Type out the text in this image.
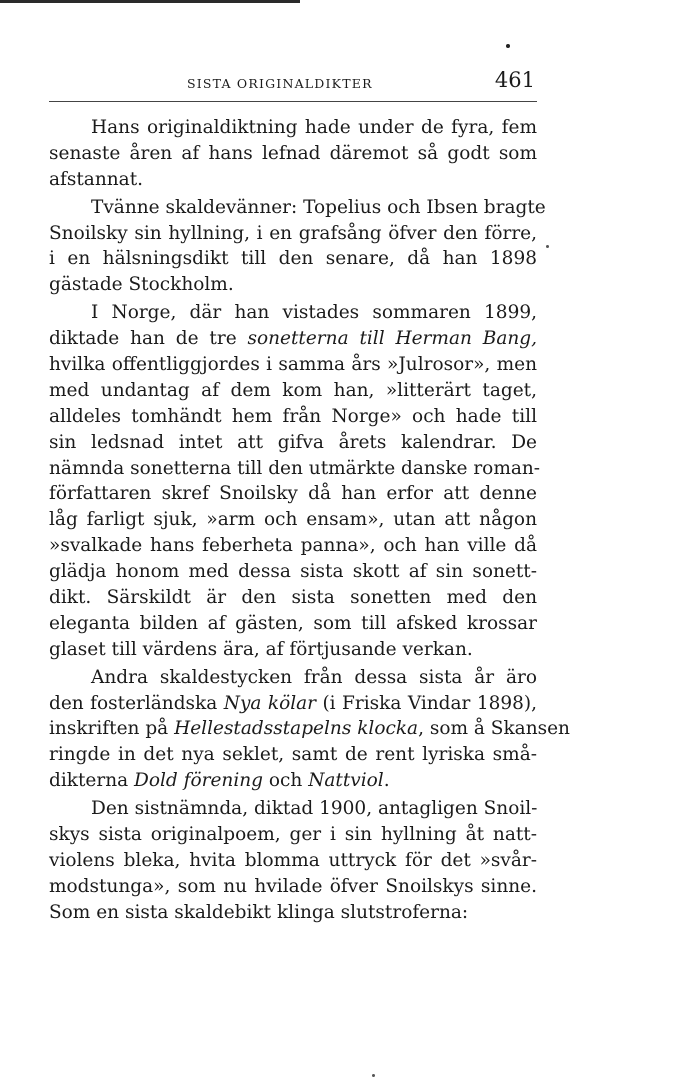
SISTA ORIGINALDIKTER	461
Hans originaldiktning hade under de fyra, fem
senaste åren af hans lefnad däremot så godt som
afstannat.
Tvänne skaldevänner: Topelius och Ibsen bragte
Snoilsky sin hyllning, i en grafsång öfver den förre,
i en hälsningsdikt till den senare, då han 1898
gästade Stockholm.
I Norge, där han vistades sommaren 1899,
diktade han de tre sonetterna till Herman Bang,
hvilka offentliggjordes i samma års »Julrosor», men
med undantag af dem kom han, »litterärt taget,
alldeles tomhändt hem från Norge» och hade till
sin ledsnad intet att gifva årets kalendrar. De
nämnda sonetterna till den utmärkte danske roman-
författaren skref Snoilsky då han erfor att denne
låg farligt sjuk, »arm och ensam», utan att någon
»svalkade hans feberheta panna», och han ville då
glädja honom med dessa sista skott af sin sonett-
dikt. Särskildt är den sista sonetten med den
eleganta bilden af gästen, som till afsked krossar
glaset till värdens ära, af förtjusande verkan.
Andra skaldestycken från dessa sista år äro
den fosterländska Nya kölar (i Friska Vindar 1898),
inskriften på Hellestadsstapelns klocka, som å Skansen
ringde in det nya seklet, samt de rent lyriska små-
dikterna Dold förening och Nattviol.
Den sistnämnda, diktad 1900, antagligen Snoil-
skys sista originalpoem, ger i sin hyllning åt natt-
violens bleka, hvita blomma uttryck för det »svår-
modstunga», som nu hvilade öfver Snoilskys sinne.
Som en sista skaldebikt klinga slutstroferna:
